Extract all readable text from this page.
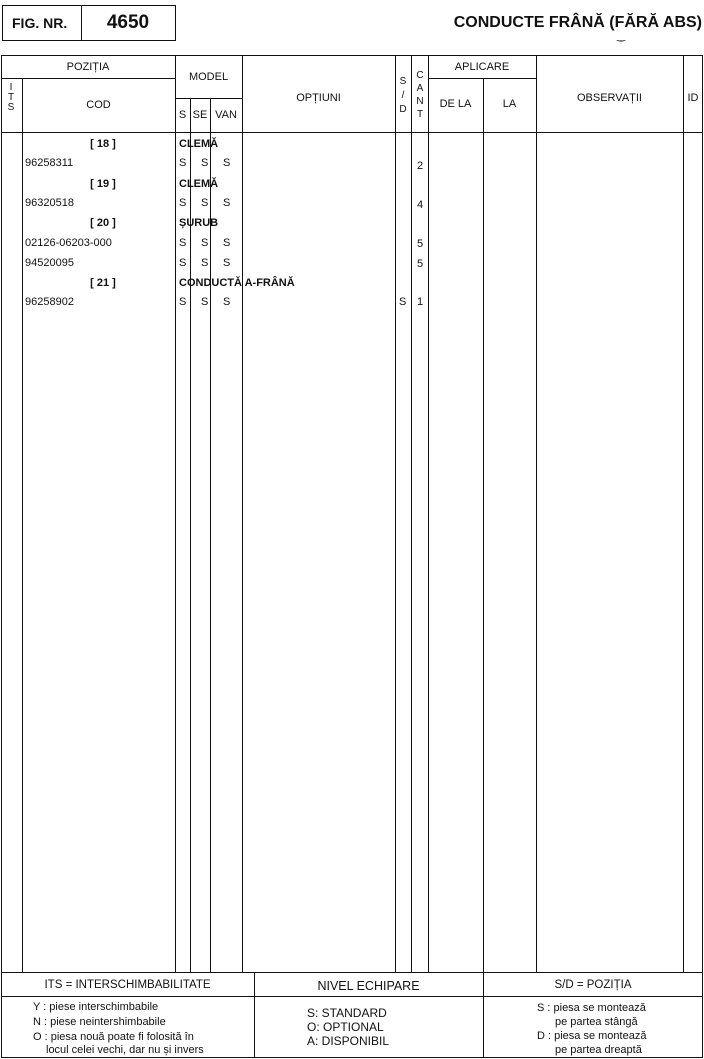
FIG. NR.	4650	CONDUCTE FRÂNĂ (FĂRĂ ABS)
‿
POZIȚIA
I
T
S	COD
MODEL
S SE VAN
OPȚIUNI
S
/
D
C
A
N
T
APLICARE
DE LA	LA	OBSERVAȚII	ID
[ 18 ]	CLEMĂ
96258311	S S S	2
[ 19 ]	CLEMĂ
96320518	S S S	4
[ 20 ]	ȘURUB
02126-06203-000	S S S	5
94520095	S S S	5
[ 21 ]	CONDUCTĂ A-FRÂNĂ
96258902	S S S	S 1
ITS = INTERSCHIMBABILITATE
Y : piese interschimbabile
N : piese neintershimbabile
O : piesa nouă poate fi folosită în
locul celei vechi, dar nu și invers
NIVEL ECHIPARE
S: STANDARD
O: OPTIONAL
A: DISPONIBIL
S/D = POZIȚIA
S : piesa se montează
pe partea stângă
D : piesa se montează
pe partea dreaptă
